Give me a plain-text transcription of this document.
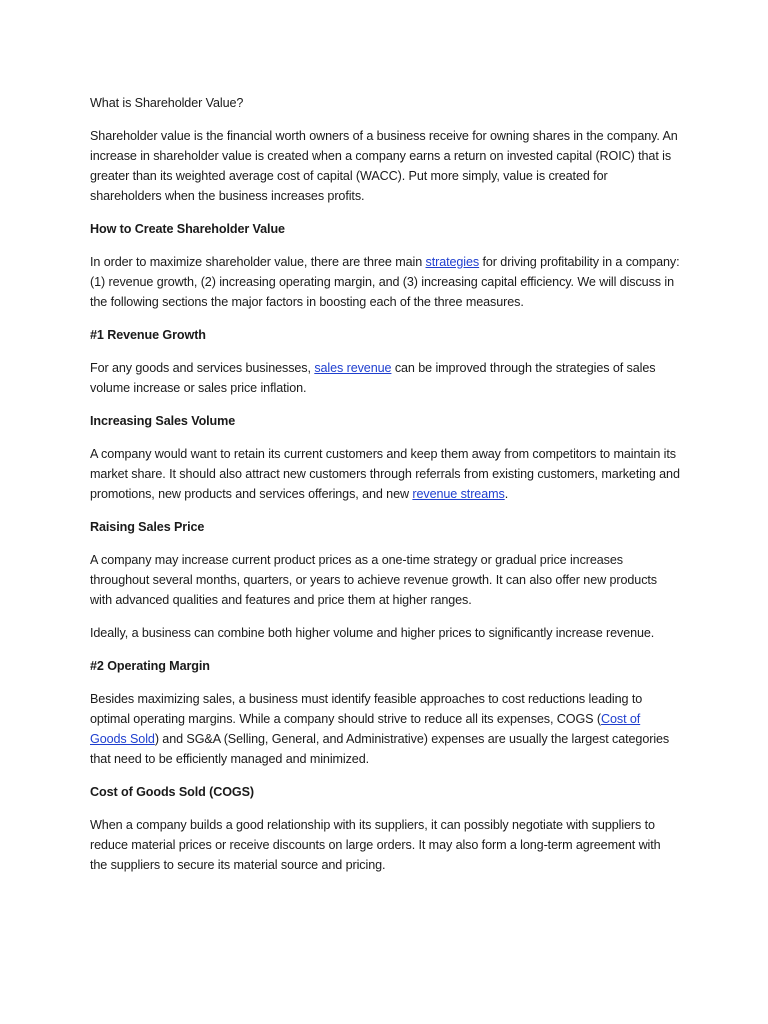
What is Shareholder Value?

Shareholder value is the financial worth owners of a business receive for owning shares in the company. An increase in shareholder value is created when a company earns a return on invested capital (ROIC) that is greater than its weighted average cost of capital (WACC). Put more simply, value is created for shareholders when the business increases profits.

How to Create Shareholder Value

In order to maximize shareholder value, there are three main strategies for driving profitability in a company: (1) revenue growth, (2) increasing operating margin, and (3) increasing capital efficiency. We will discuss in the following sections the major factors in boosting each of the three measures.

#1 Revenue Growth

For any goods and services businesses, sales revenue can be improved through the strategies of sales volume increase or sales price inflation.

Increasing Sales Volume

A company would want to retain its current customers and keep them away from competitors to maintain its market share. It should also attract new customers through referrals from existing customers, marketing and promotions, new products and services offerings, and new revenue streams.

Raising Sales Price

A company may increase current product prices as a one-time strategy or gradual price increases throughout several months, quarters, or years to achieve revenue growth. It can also offer new products with advanced qualities and features and price them at higher ranges.

Ideally, a business can combine both higher volume and higher prices to significantly increase revenue.

#2 Operating Margin

Besides maximizing sales, a business must identify feasible approaches to cost reductions leading to optimal operating margins. While a company should strive to reduce all its expenses, COGS (Cost of Goods Sold) and SG&A (Selling, General, and Administrative) expenses are usually the largest categories that need to be efficiently managed and minimized.

Cost of Goods Sold (COGS)

When a company builds a good relationship with its suppliers, it can possibly negotiate with suppliers to reduce material prices or receive discounts on large orders. It may also form a long-term agreement with the suppliers to secure its material source and pricing.
